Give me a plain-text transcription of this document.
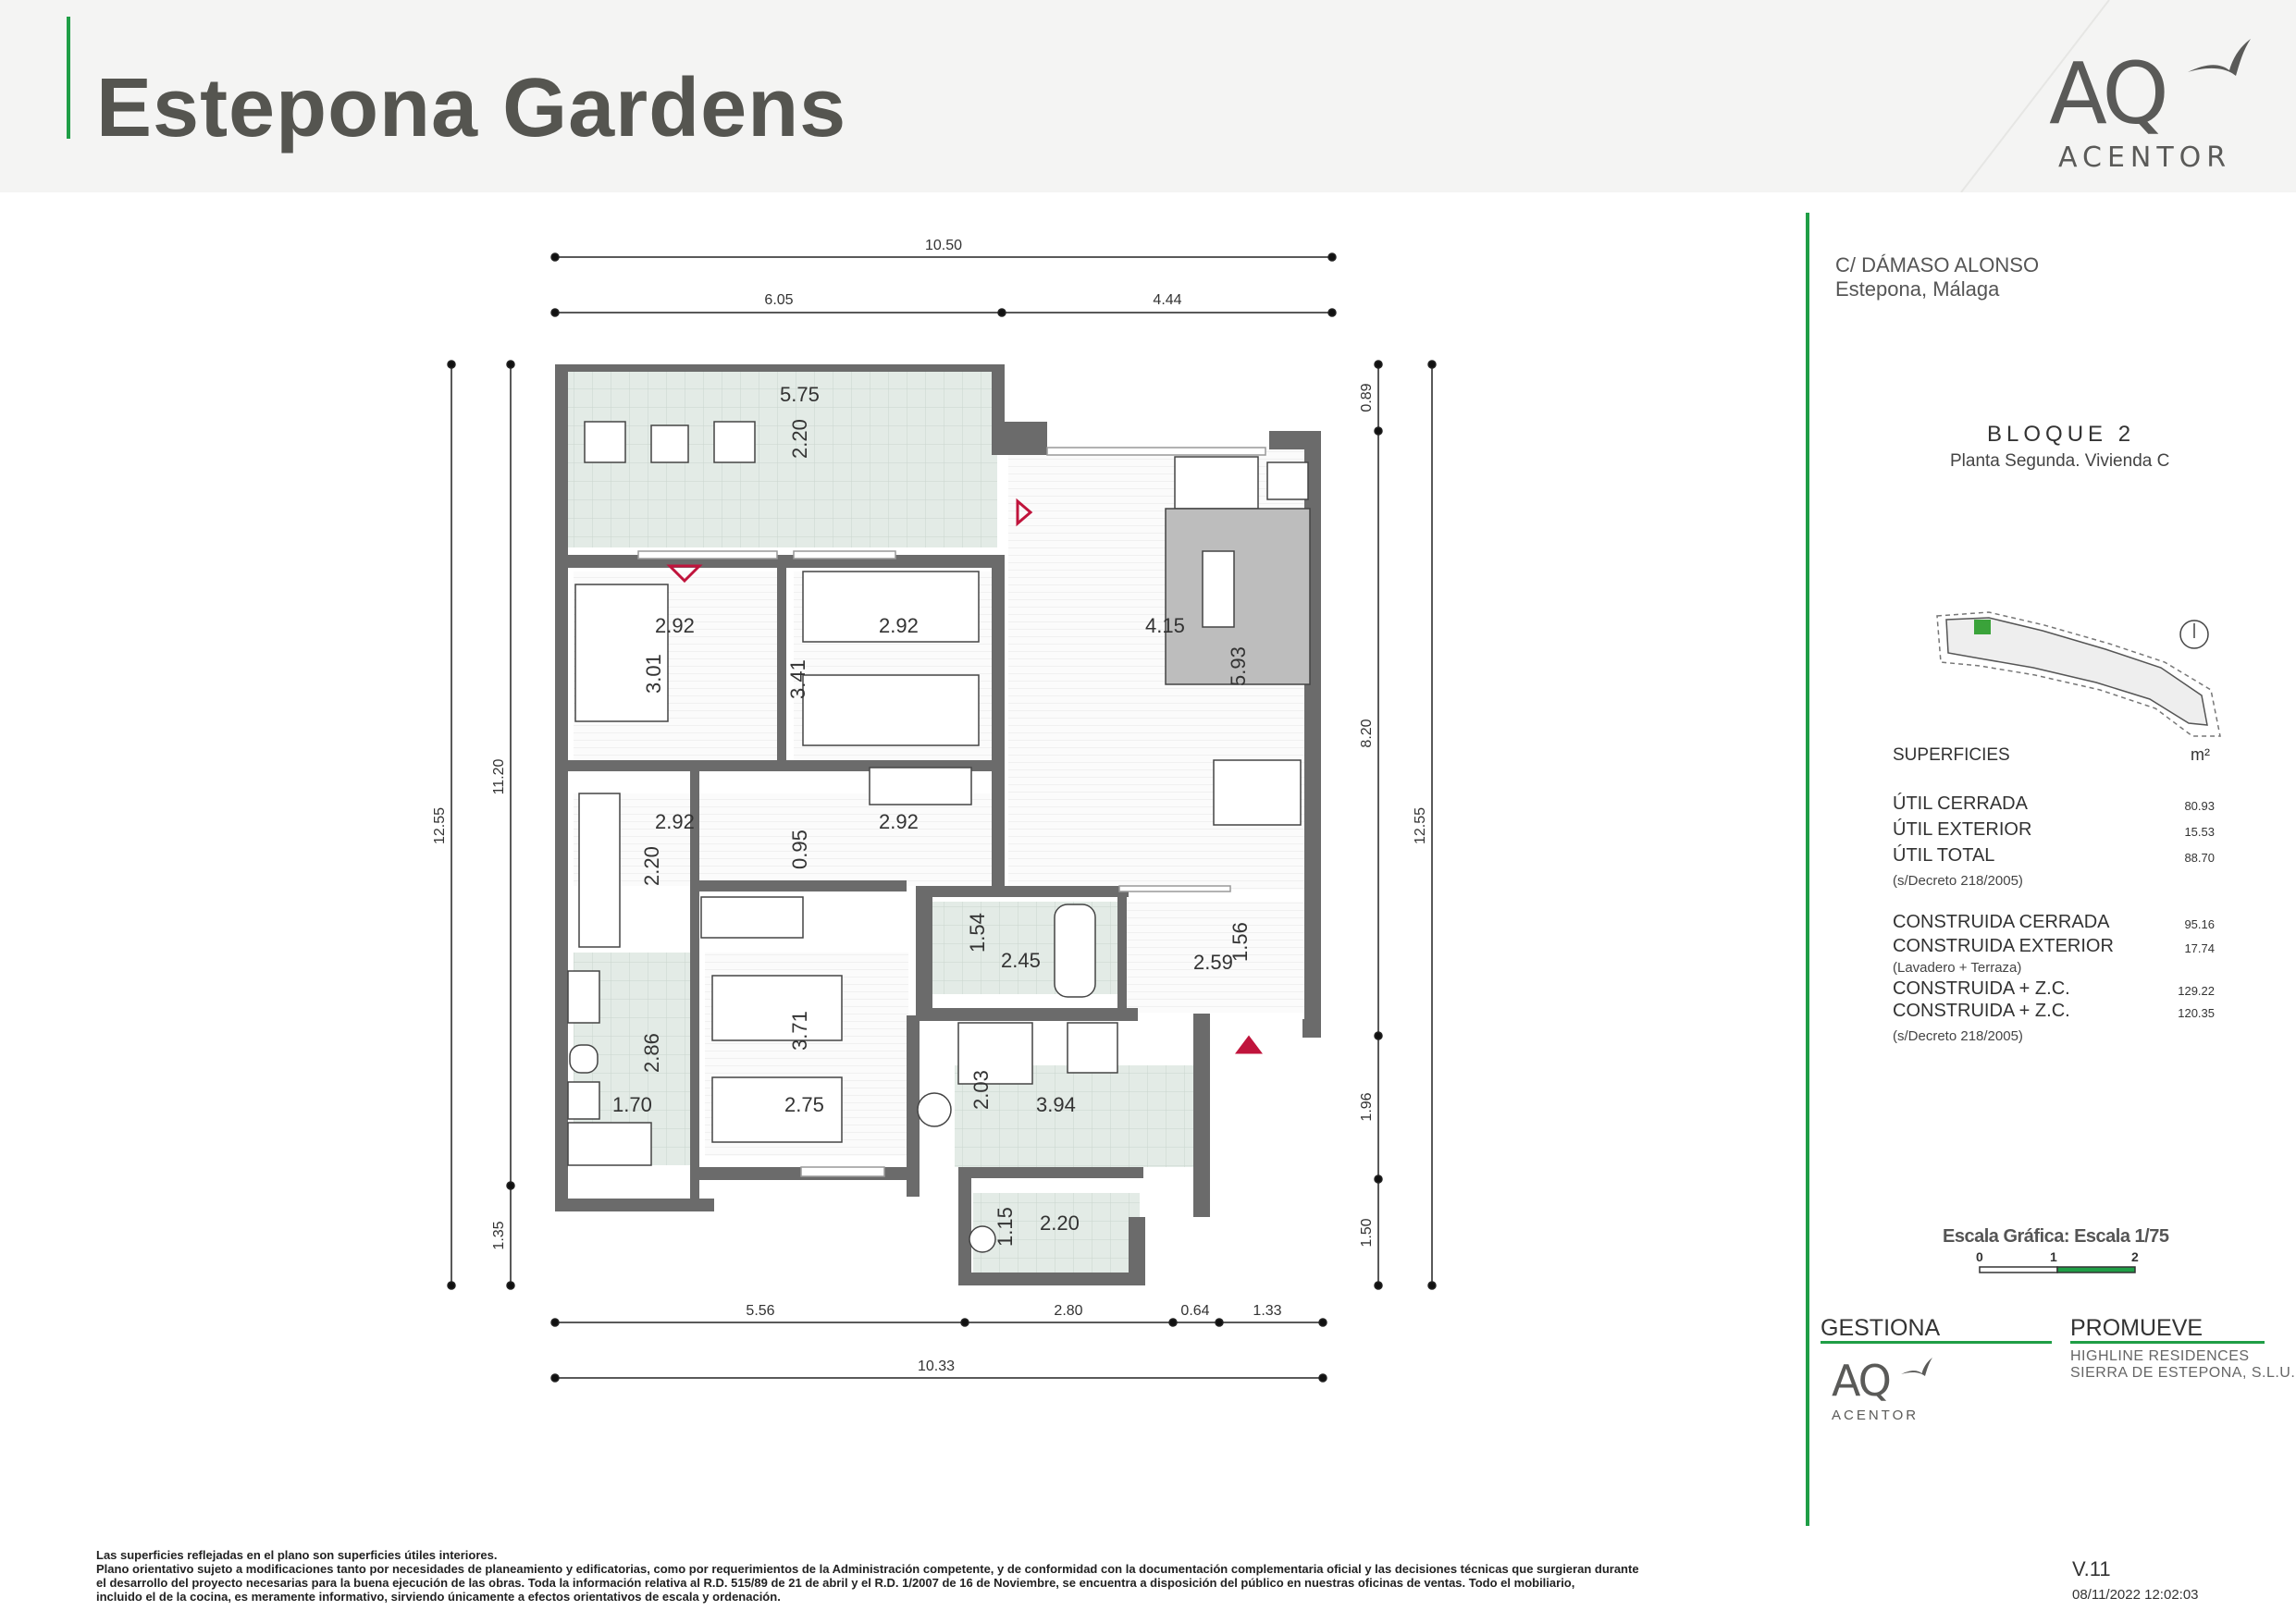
Estepona Gardens	AQ
ACENTOR
10.50
6.05	4.44
5.56	2.80	0.64	1.33
10.33
12.55
11.20
1.35
0.89
8.20
1.96
1.50
12.55
5.75
2.20
2.92
3.01
2.92
3.41
4.15
5.93
2.92
2.20
2.92
0.95
1.54
2.45	2.59
1.56
2.86
1.70
3.71
2.75	2.03 3.94
1.15 2.20
C/ DÁMASO ALONSO
Estepona, Málaga
BLOQUE 2
Planta Segunda. Vivienda C
SUPERFICIES	m²
ÚTIL CERRADA	80.93
ÚTIL EXTERIOR	15.53
ÚTIL TOTAL	88.70
(s/Decreto 218/2005)
CONSTRUIDA CERRADA	95.16
CONSTRUIDA EXTERIOR	17.74
(Lavadero + Terraza)
CONSTRUIDA + Z.C.	129.22
CONSTRUIDA + Z.C.	120.35
(s/Decreto 218/2005)
Escala Gráfica: Escala 1/75
0	1	2
GESTIONA	PROMUEVE
HIGHLINE RESIDENCES
SIERRA DE ESTEPONA, S.L.U.
AQ
ACENTOR
Las superficies reflejadas en el plano son superficies útiles interiores.
Plano orientativo sujeto a modificaciones tanto por necesidades de planeamiento y edificatorias, como por requerimientos de la Administración competente, y de conformidad con la documentación complementaria oficial y las decisiones técnicas que surgieran durante
el desarrollo del proyecto necesarias para la buena ejecución de las obras. Toda la información relativa al R.D. 515/89 de 21 de abril y el R.D. 1/2007 de 16 de Noviembre, se encuentra a disposición del público en nuestras oficinas de ventas. Todo el mobiliario,
incluido el de la cocina, es meramente informativo, sirviendo únicamente a efectos orientativos de escala y ordenación.
V.11
08/11/2022 12:02:03
